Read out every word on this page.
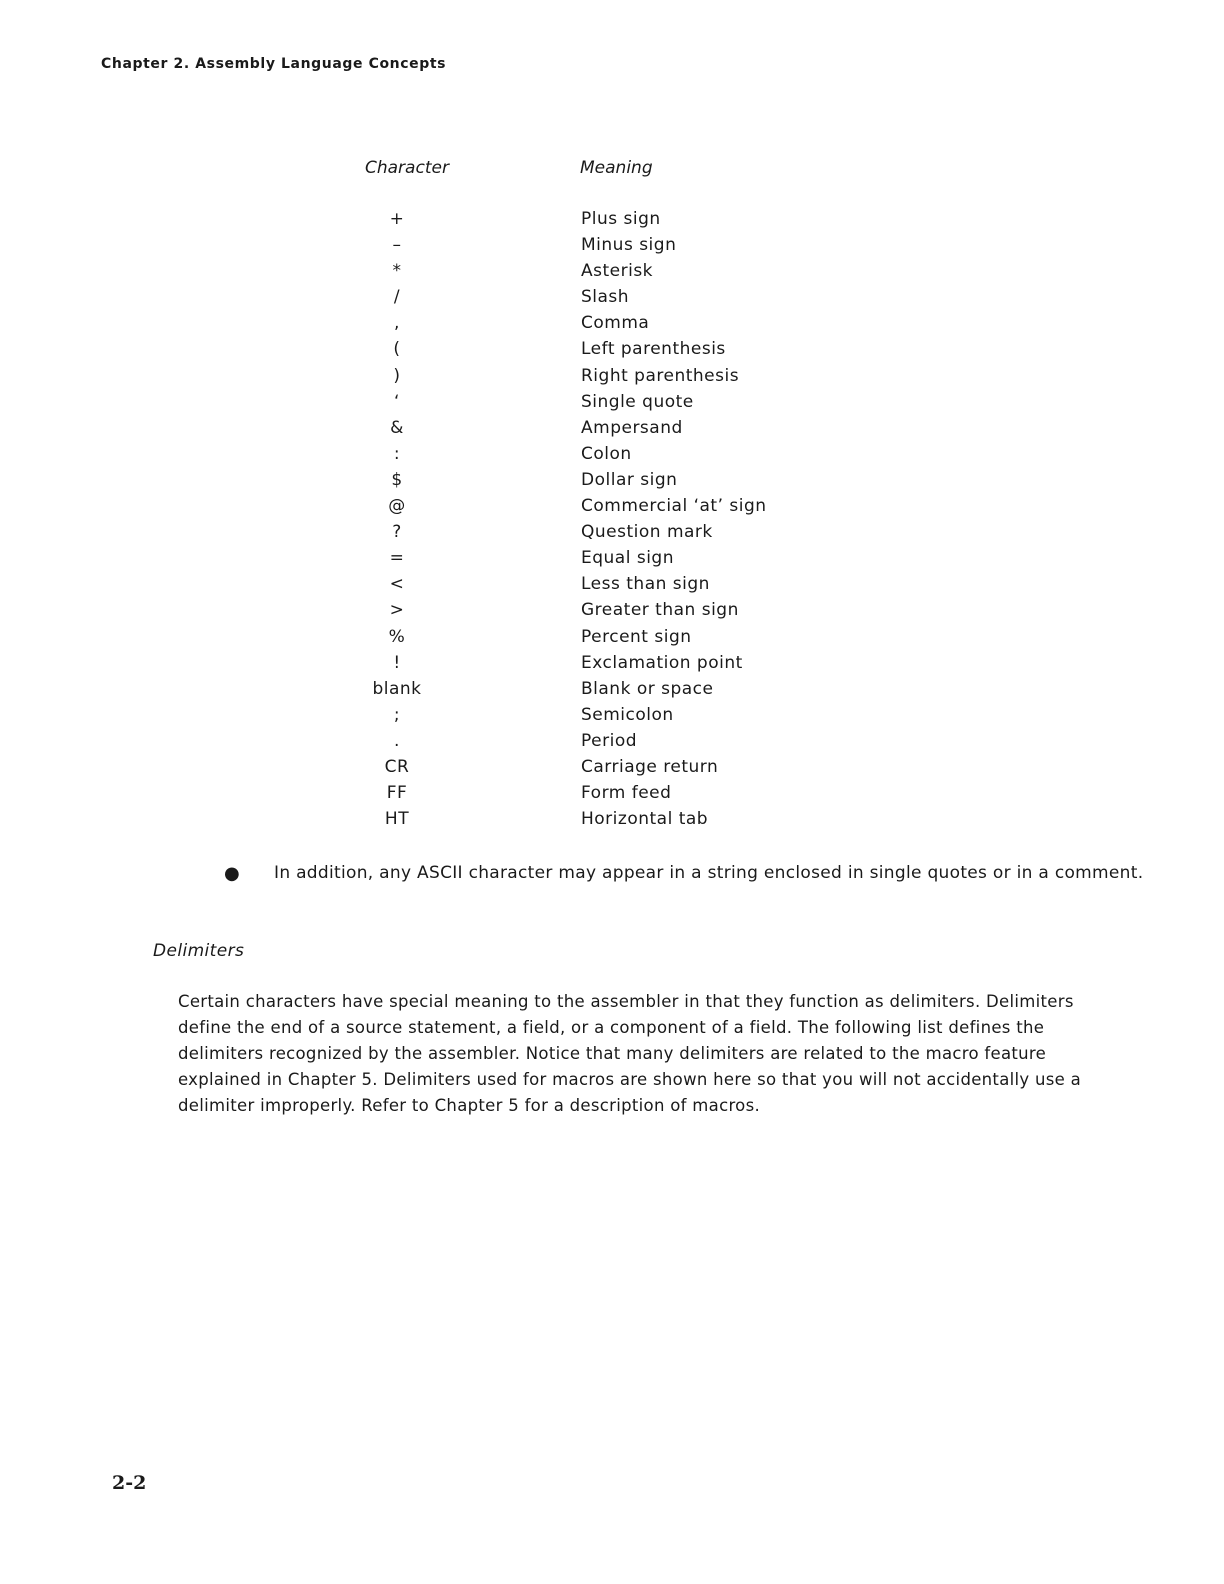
Chapter 2. Assembly Language Concepts
Character	Meaning
+	Plus sign
–	Minus sign
*	Asterisk
/	Slash
,	Comma
(	Left parenthesis
)	Right parenthesis
‘	Single quote
&	Ampersand
:	Colon
$	Dollar sign
@	Commercial ‘at’ sign
?	Question mark
=	Equal sign
<	Less than sign
>	Greater than sign
%	Percent sign
!	Exclamation point
blank	Blank or space
;	Semicolon
.	Period
CR	Carriage return
FF	Form feed
HT	Horizontal tab
● In addition, any ASCII character may appear in a string enclosed in single quotes or in a comment.
Delimiters

Certain characters have special meaning to the assembler in that they function as delimiters. Delimiters define the end of a source statement, a field, or a component of a field. The following list defines the delimiters recognized by the assembler. Notice that many delimiters are related to the macro feature explained in Chapter 5. Delimiters used for macros are shown here so that you will not accidentally use a delimiter improperly. Refer to Chapter 5 for a description of macros.

2-2
